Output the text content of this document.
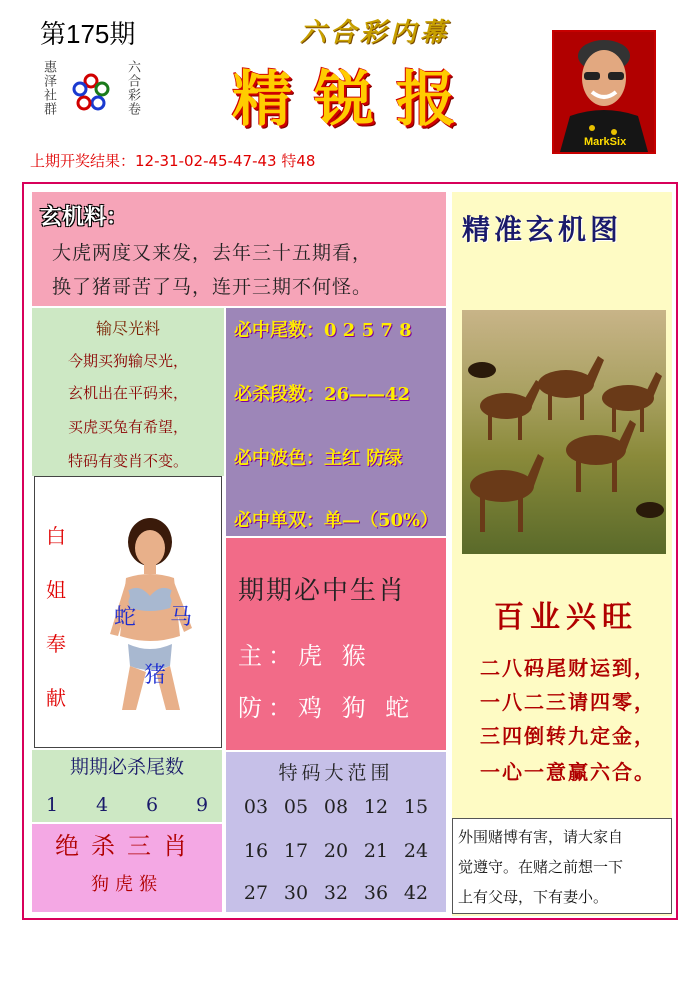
第175期
惠泽社群	六合彩卷
六合彩内幕
精锐报
MarkSix
上期开奖结果：12-31-02-45-47-43 特48
玄机料：
大虎两度又来发，去年三十五期看，
换了猪哥苦了马，连开三期不何怪。
输尽光料
今期买狗输尽光，
玄机出在平码来，
买虎买兔有希望，
特码有变肖不变。
必中尾数：0 2 5 7 8
必杀段数：26——42
必中波色：主红 防绿
必中单双：单—（50%）
白
姐
奉
献
蛇 马
猪
期期必中生肖
主：虎 猴
防：鸡 狗 蛇
期期必杀尾数
1 4 6 9
绝杀三肖
狗虎猴
特码大范围
03 05 08 12 15
16 17 20 21 24
27 30 32 36 42
精准玄机图
百业兴旺
二八码尾财运到，
一八二三请四零，
三四倒转九定金，
一心一意赢六合。
外围赌博有害，请大家自
觉遵守。在赌之前想一下
上有父母，下有妻小。
